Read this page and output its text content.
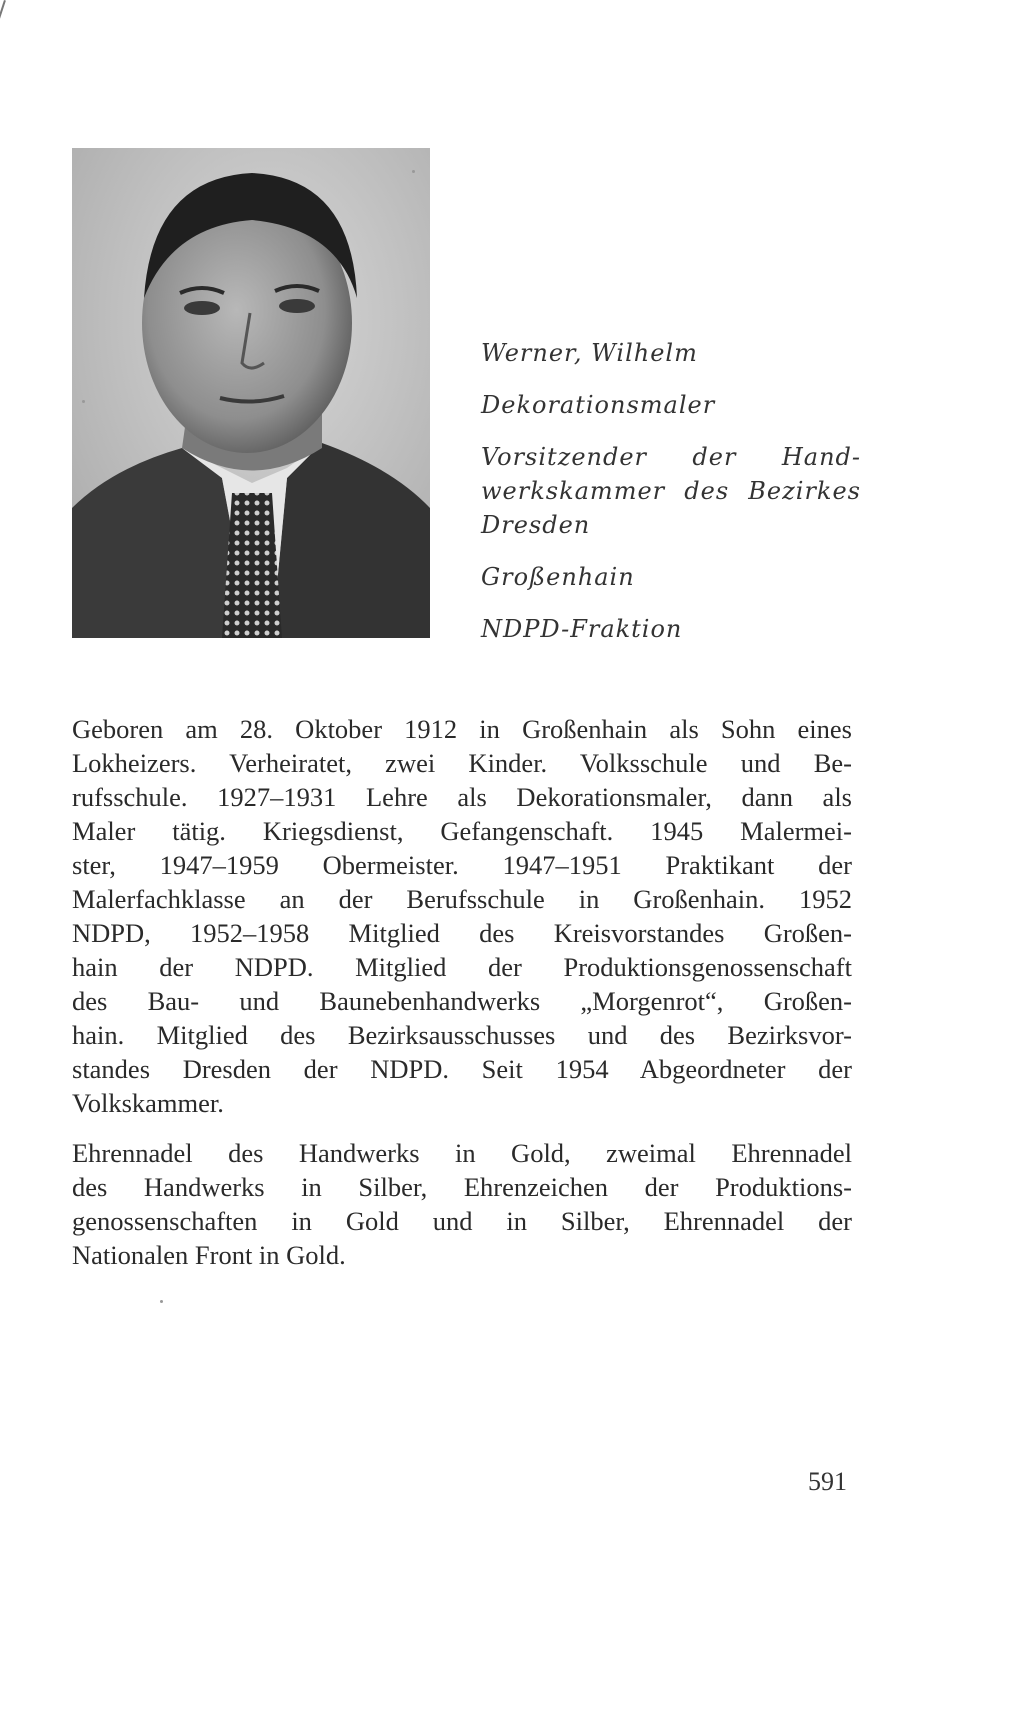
Werner, Wilhelm
Dekorationsmaler
Vorsitzender der Hand-
werkskammer des Bezirkes
Dresden
Großenhain
NDPD-Fraktion

Geboren am 28. Oktober 1912 in Großenhain als Sohn eines
Lokheizers. Verheiratet, zwei Kinder. Volksschule und Be-
rufsschule. 1927–1931 Lehre als Dekorationsmaler, dann als
Maler tätig. Kriegsdienst, Gefangenschaft. 1945 Malermei-
ster, 1947–1959 Obermeister. 1947–1951 Praktikant der
Malerfachklasse an der Berufsschule in Großenhain. 1952
NDPD, 1952–1958 Mitglied des Kreisvorstandes Großen-
hain der NDPD. Mitglied der Produktionsgenossenschaft
des Bau- und Baunebenhandwerks „Morgenrot“, Großen-
hain. Mitglied des Bezirksausschusses und des Bezirksvor-
standes Dresden der NDPD. Seit 1954 Abgeordneter der
Volkskammer.

Ehrennadel des Handwerks in Gold, zweimal Ehrennadel
des Handwerks in Silber, Ehrenzeichen der Produktions-
genossenschaften in Gold und in Silber, Ehrennadel der
Nationalen Front in Gold.

591
